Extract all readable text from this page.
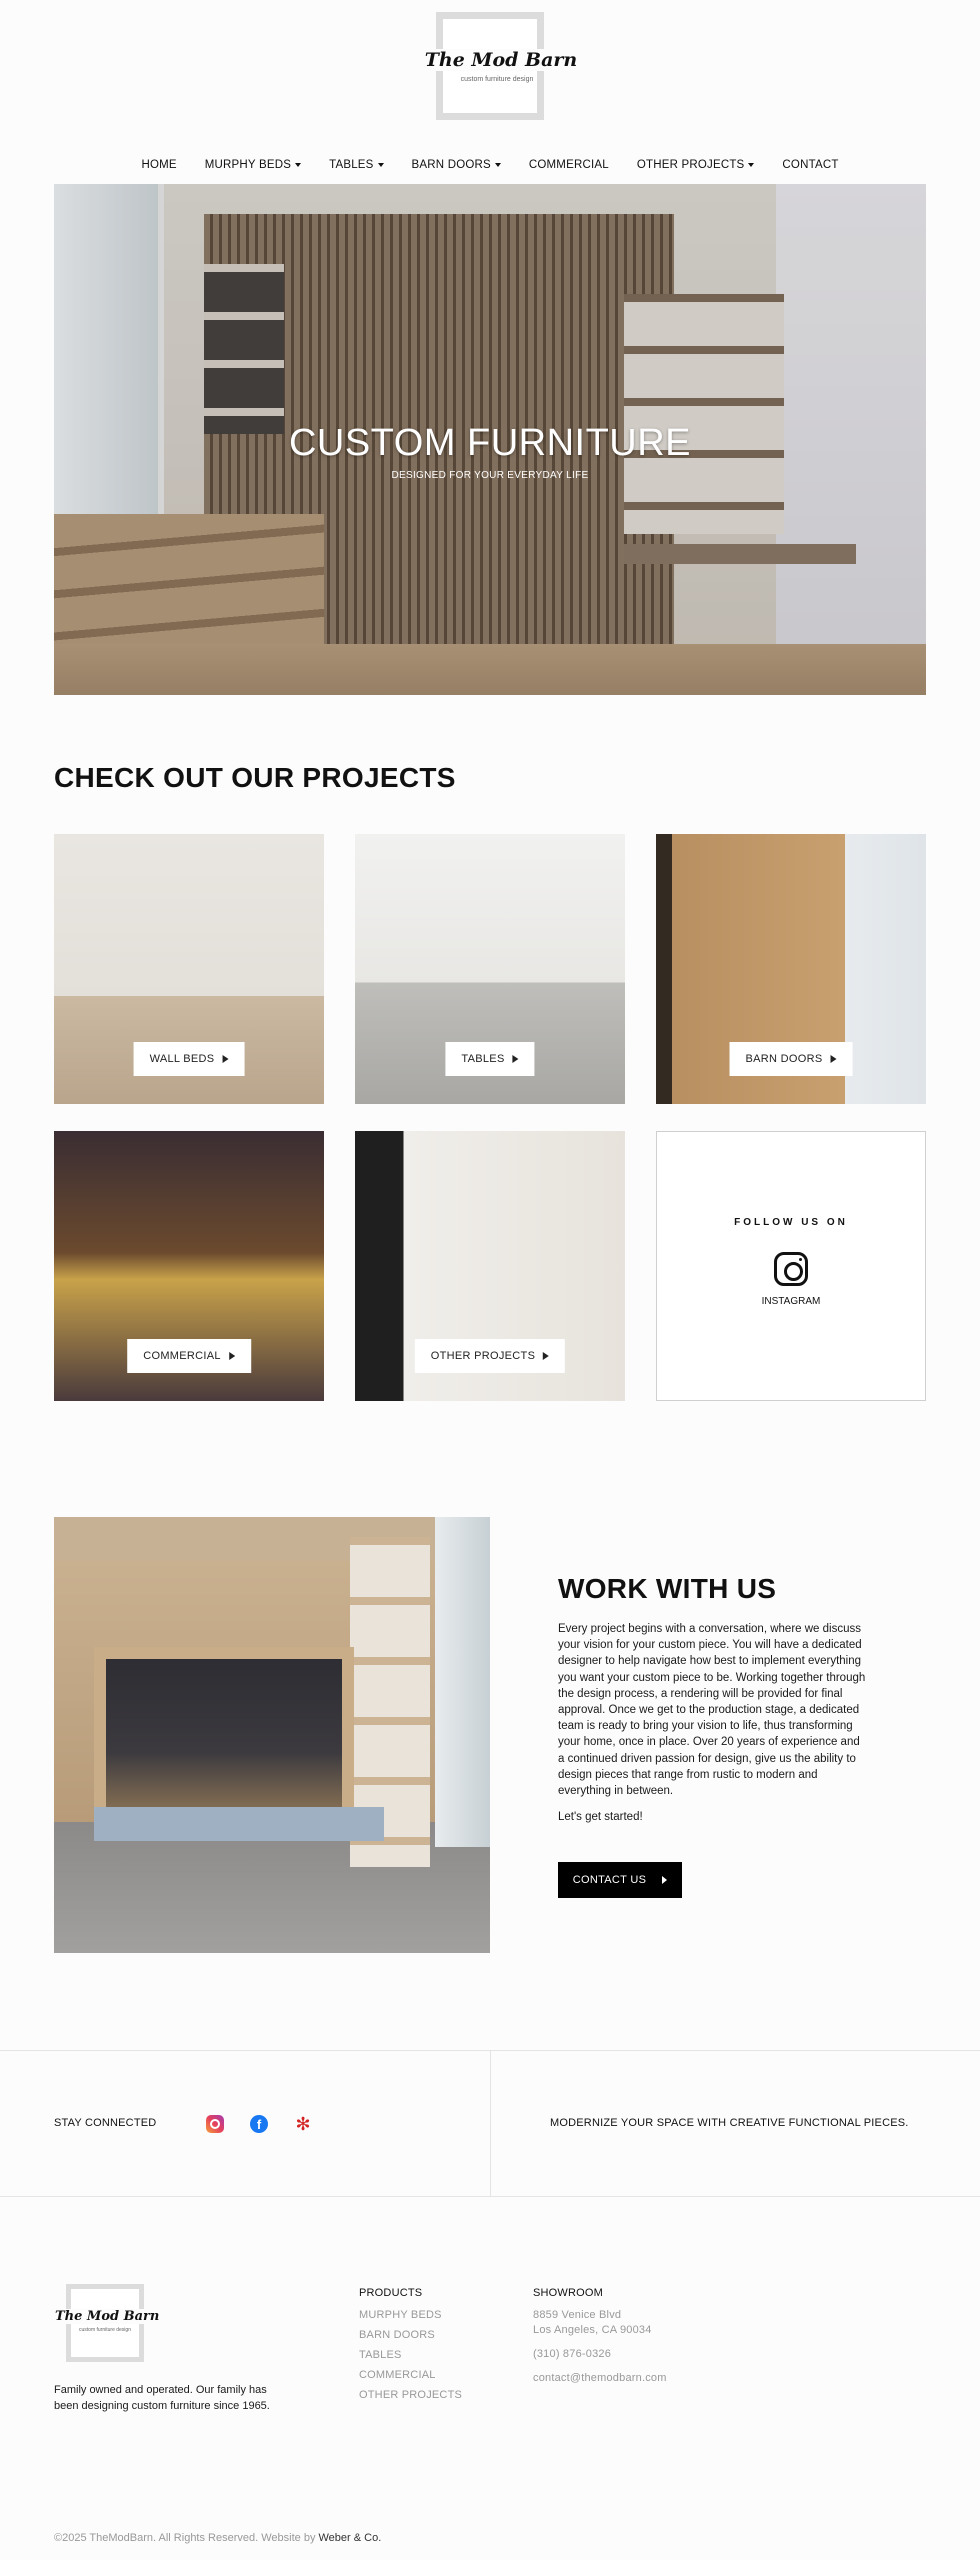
The Mod Barn
custom furniture design
HOME MURPHY BEDS	TABLES	BARN DOORS	COMMERCIAL OTHER PROJECTS	CONTACT
CUSTOM FURNITURE
DESIGNED FOR YOUR EVERYDAY LIFE
CHECK OUT OUR PROJECTS
WALL BEDS	TABLES	BARN DOORS
COMMERCIAL	OTHER PROJECTS
FOLLOW US ON
INSTAGRAM
WORK WITH US

Every project begins with a conversation, where we discuss your vision for your custom piece. You will have a dedicated designer to help navigate how best to implement everything you want your custom piece to be. Working together through the design process, a rendering will be provided for final approval. Once we get to the production stage, a dedicated team is ready to bring your vision to life, thus transforming your home, once in place. Over 20 years of experience and a continued driven passion for design, give us the ability to design pieces that range from rustic to modern and everything in between.

Let's get started!

CONTACT US
STAY CONNECTED	f	✻	MODERNIZE YOUR SPACE WITH CREATIVE FUNCTIONAL PIECES.
The Mod Barn
custom furniture design

Family owned and operated. Our family has been designing custom furniture since 1965.

PRODUCTS
MURPHY BEDS
BARN DOORS
TABLES
COMMERCIAL
OTHER PROJECTS
SHOWROOM
8859 Venice Blvd
Los Angeles, CA 90034
(310) 876-0326
contact@themodbarn.com
©2025 TheModBarn. All Rights Reserved. Website by Weber & Co.
